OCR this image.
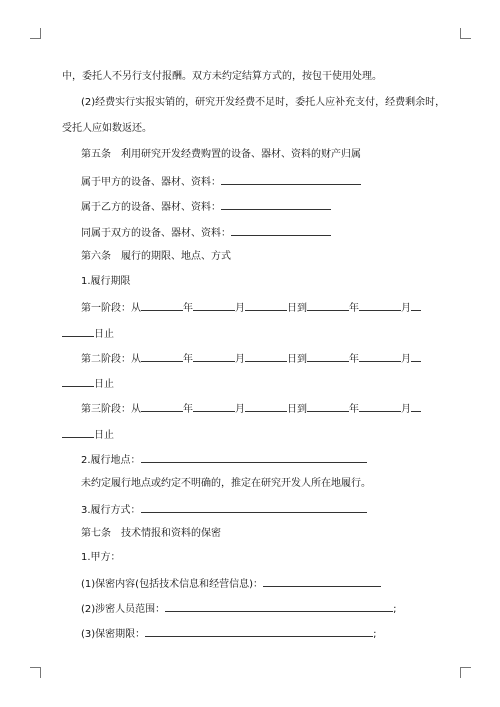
中，委托人不另行支付报酬。双方未约定结算方式的，按包干使用处理。
(2)经费实行实报实销的，研究开发经费不足时，委托人应补充支付，经费剩余时，
受托人应如数返还。
第五条　利用研究开发经费购置的设备、器材、资料的财产归属
属于甲方的设备、器材、资料：
属于乙方的设备、器材、资料：
同属于双方的设备、器材、资料：
第六条　履行的期限、地点、方式
1.履行期限
第一阶段：从	年	月	日到	年	月
日止
第二阶段：从	年	月	日到	年	月
日止
第三阶段：从	年	月	日到	年	月
日止
2.履行地点：
未约定履行地点或约定不明确的，推定在研究开发人所在地履行。
3.履行方式：
第七条　技术情报和资料的保密
1.甲方：
(1)保密内容(包括技术信息和经营信息)：
(2)涉密人员范围：	;
(3)保密期限：	;
